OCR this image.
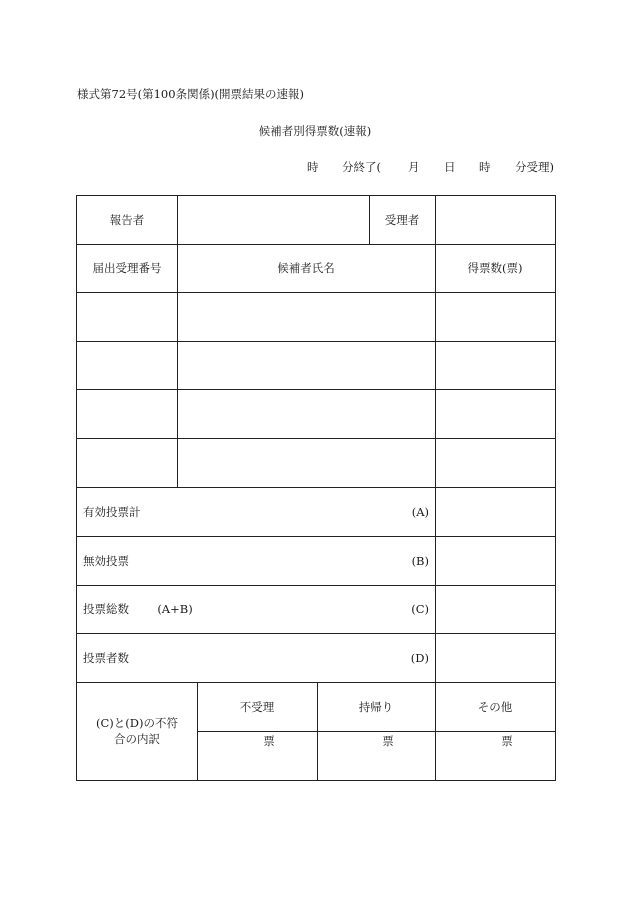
様式第72号(第100条関係)(開票結果の速報)
候補者別得票数(速報)
時 分終了( 月 日 時 分受理)
報告者	受理者
届出受理番号	候補者氏名	得票数(票)
有効投票計	(A)
無効投票	(B)
投票総数	(A+B)	(C)
投票者数	(D)
(C)と(D)の不符
合の内訳
不受理	持帰り	その他
票	票	票
